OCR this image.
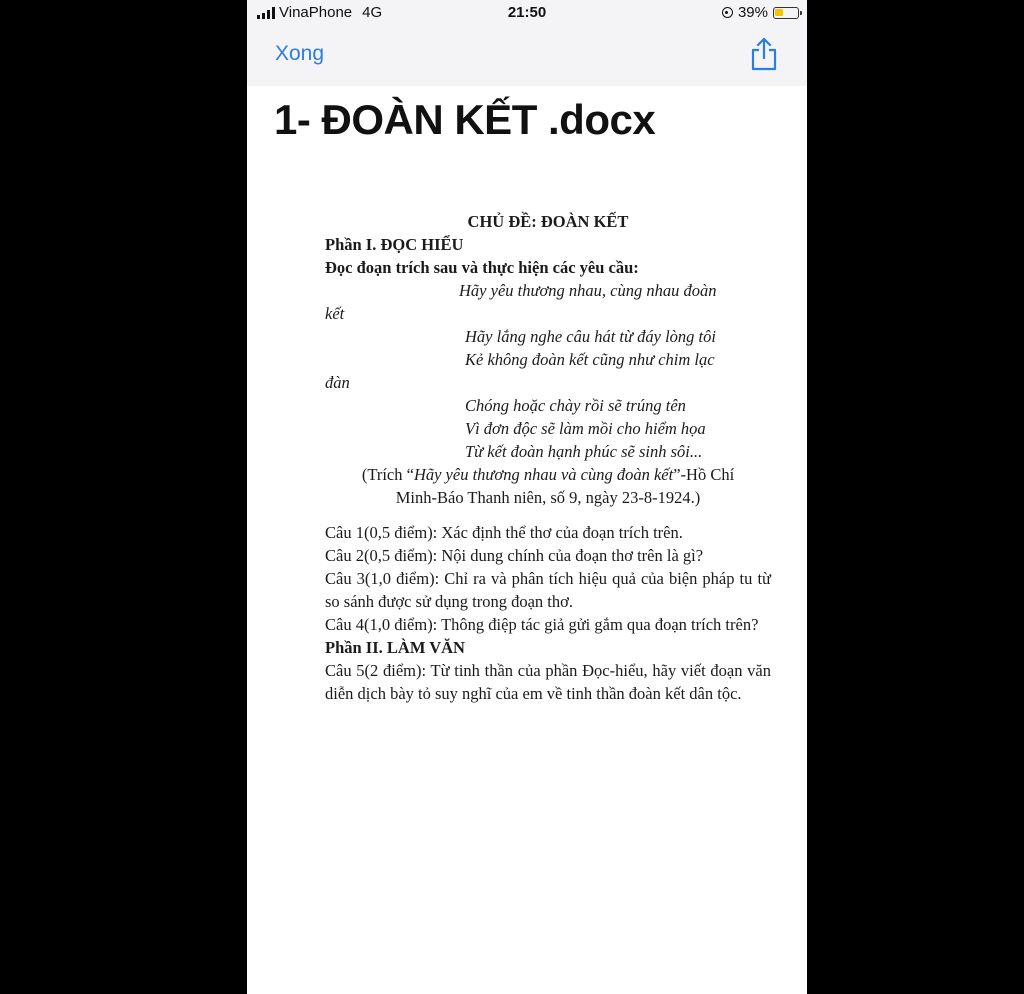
VinaPhone 4G	21:50	39%
Xong
1- ĐOÀN KẾT .docx

CHỦ ĐỀ: ĐOÀN KẾT

Phần I. ĐỌC HIỂU

Đọc đoạn trích sau và thực hiện các yêu cầu:

Hãy yêu thương nhau, cùng nhau đoàn

kết

Hãy lắng nghe câu hát từ đáy lòng tôi

Kẻ không đoàn kết cũng như chim lạc

đàn

Chóng hoặc chày rồi sẽ trúng tên

Vì đơn độc sẽ làm mồi cho hiểm họa

Từ kết đoàn hạnh phúc sẽ sinh sôi...

(Trích “Hãy yêu thương nhau và cùng đoàn kết”-Hồ Chí

Minh-Báo Thanh niên, số 9, ngày 23-8-1924.)

Câu 1(0,5 điểm): Xác định thể thơ của đoạn trích trên.

Câu 2(0,5 điểm): Nội dung chính của đoạn thơ trên là gì?

Câu 3(1,0 điểm): Chỉ ra và phân tích hiệu quả của biện pháp tu từ so sánh được sử dụng trong đoạn thơ.

Câu 4(1,0 điểm): Thông điệp tác giả gửi gắm qua đoạn trích trên?

Phần II. LÀM VĂN

Câu 5(2 điểm): Từ tinh thần của phần Đọc-hiểu, hãy viết đoạn văn diễn dịch bày tỏ suy nghĩ của em về tinh thần đoàn kết dân tộc.
